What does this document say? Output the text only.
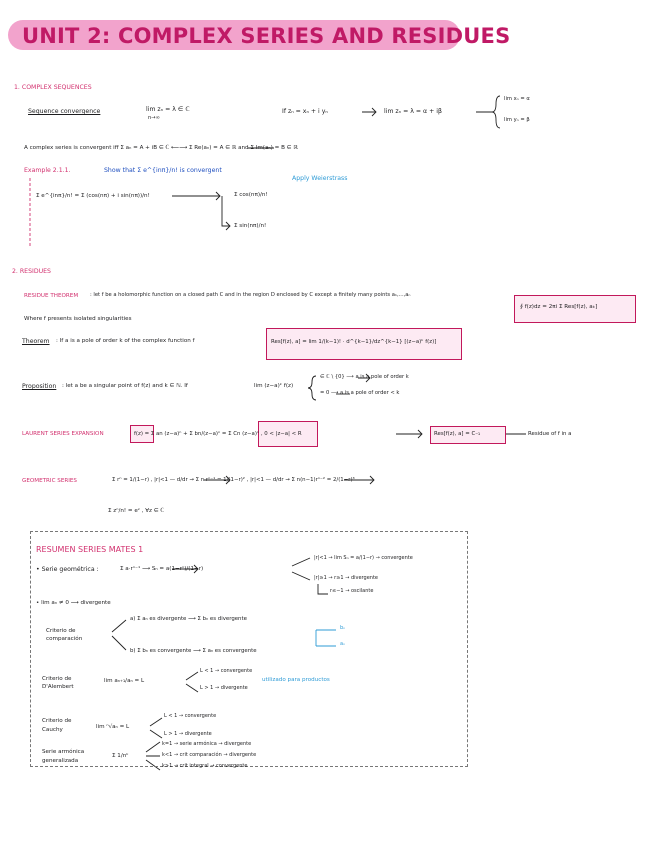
UNIT 2: COMPLEX SERIES AND RESIDUES
1. COMPLEX SEQUENCES
Sequence convergence	lim zₙ = λ ∈ ℂ
n→∞
If zₙ = xₙ + i yₙ	lim zₙ = λ = α + iβ
lim xₙ = α
lim yₙ = β
A complex series is convergent iff Σ aₙ = A + iB ∈ ℂ ⟵⟶ Σ Re(aₙ) = A ∈ ℝ and Σ Im(aₙ) = B ∈ ℝ
Example 2.1.1.	Show that Σ e^{inπ}/n! is convergent
Apply Weierstrass
Σ e^{inπ}/n! = Σ (cos(nπ) + i sin(nπ))/n!	Σ cos(nπ)/n!
Σ sin(nπ)/n!
2. RESIDUES
RESIDUE THEOREM : let f be a holomorphic function on a closed path C and in the region D enclosed by C except a finitely many points a₁,...,aₙ
∮ f(z)dz = 2πi Σ Res[f(z), aₖ]
Where f presents isolated singularities
Theorem : If a is a pole of order k of the complex function f	Res[f(z), a] = lim 1/(k−1)! · d^{k−1}/dz^{k−1} [(z−a)ᵏ f(z)]
Proposition : let a be a singular point of f(z) and k ∈ ℕ. If	lim (z−a)ᵏ f(z)
∈ ℂ \ {0} ⟶ a is a pole of order k
= 0 ⟶ a is a pole of order < k
LAURENT SERIES EXPANSION	f(z) = Σ an (z−a)ⁿ + Σ bn/(z−a)ⁿ = Σ Cn (z−a)ⁿ , 0 < |z−a| < R	Res[f(z), a] = C₋₁	Residue of f in a
GEOMETRIC SERIES	Σ rⁿ = 1/(1−r) , |r|<1 — d/dr → Σ n rⁿ⁻¹ = 1/(1−r)² , |r|<1 — d/dr → Σ n(n−1)rⁿ⁻² = 2/(1−r)³
Σ zⁿ/n! = eᶻ , ∀z ∈ ℂ
RESUMEN SERIES MATES 1
• Serie geométrica :	Σ a·rⁿ⁻¹ ⟶ Sₙ = a(1−rⁿ)/(1−r)
|r|<1 → lim Sₙ = a/(1−r) → convergente
|r|≥1 → r≥1 → divergente
r≤−1 → oscilante
• lim aₙ ≠ 0 ⟶ divergente
Criterio de
comparación
a) Σ aₙ es divergente ⟶ Σ bₙ es divergente
b) Σ bₙ es convergente ⟶ Σ aₙ es convergente
bₙ
aₙ
Criterio de
D'Alembert
lim aₙ₊₁/aₙ = L
L < 1 → convergente
L > 1 → divergente
utilizado para productos
Criterio de
Cauchy	lim ⁿ√aₙ = L
L < 1 → convergente
L > 1 → divergente
Serie armónica
generalizada
Σ 1/nᵏ
k=1 → serie armónica → divergente
k<1 → crit comparación → divergente
k>1 → crit integral → convergente
